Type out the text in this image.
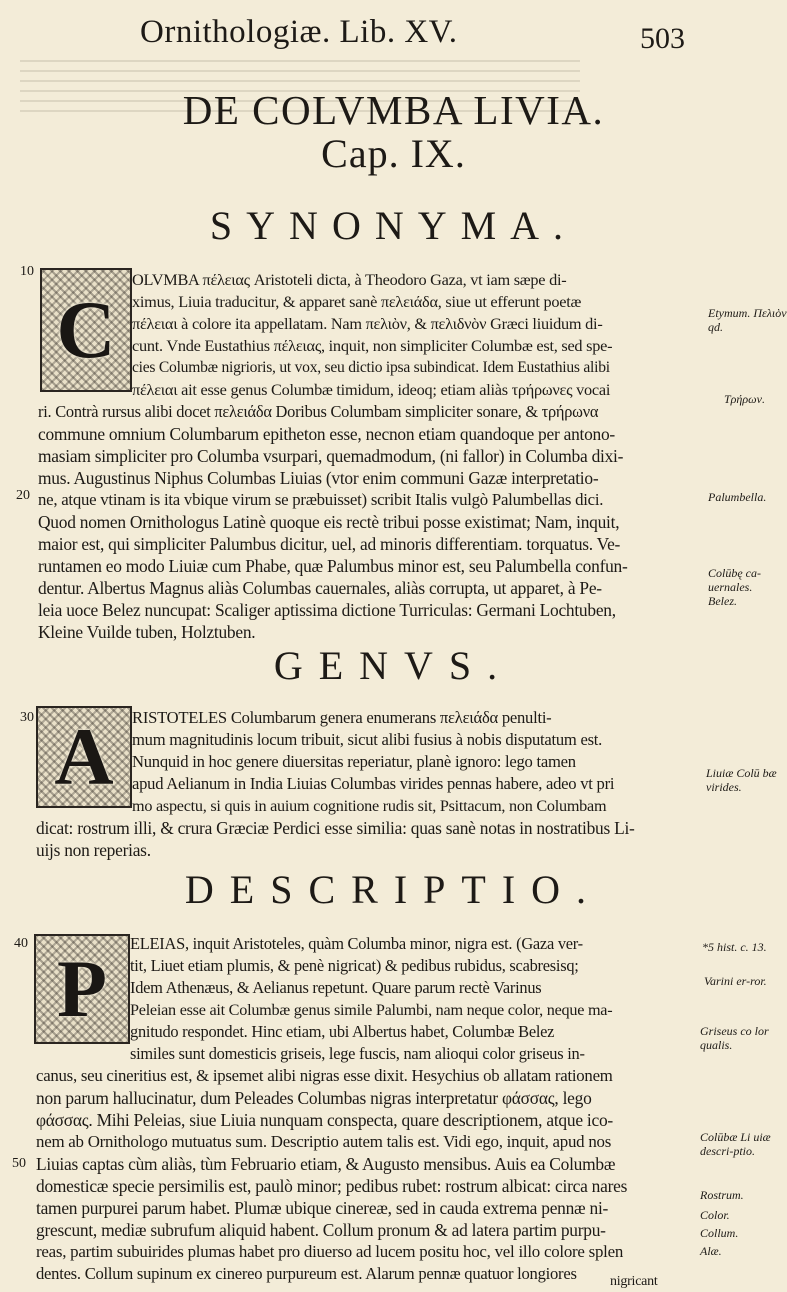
Ornithologiæ. Lib. XV.	503
DE COLVMBA LIVIA.
Cap. IX.
SYNONYMA.
10
C
OLVMBA πέλειας Aristoteli dicta, à Theodoro Gaza, vt iam sæpe di-
ximus, Liuia traducitur, & apparet sanè πελειάδα, siue ut efferunt poetæ
πέλειαι à colore ita appellatam. Nam πελιὸν, & πελιδνὸν Græci liuidum di-
cunt. Vnde Eustathius πέλειας, inquit, non simpliciter Columbæ est, sed spe-
cies Columbæ nigrioris, ut vox, seu dictio ipsa subindicat. Idem Eustathius alibi
πέλειαι ait esse genus Columbæ timidum, ideoq; etiam aliàs τρήρωνες vocai
ri. Contrà rursus alibi docet πελειάδα Doribus Columbam simpliciter sonare, & τρήρωνα
commune omnium Columbarum epitheton esse, necnon etiam quandoque per antono-
masiam simpliciter pro Columba vsurpari, quemadmodum, (ni fallor) in Columba dixi-
mus. Augustinus Niphus Columbas Liuias (vtor enim communi Gazæ interpretatio-
ne, atque vtinam is ita vbique virum se præbuisset) scribit Italis vulgò Palumbellas dici.
Quod nomen Ornithologus Latinè quoque eis rectè tribui posse existimat; Nam, inquit,
maior est, qui simpliciter Palumbus dicitur, uel, ad minoris differentiam. torquatus. Ve-
runtamen eo modo Liuiæ cum Phabe, quæ Palumbus minor est, seu Palumbella confun-
dentur. Albertus Magnus aliàs Columbas cauernales, aliàs corrupta, ut apparet, à Pe-
leia uoce Belez nuncupat: Scaliger aptissima dictione Turriculas: Germani Lochtuben,
Kleine Vuilde tuben, Holztuben.
20
Etymum. Πελιὸν qd.
Τρήρων.
Palumbella.
Colūbę ca-uernales. Belez.
GENVS.
30 A RISTOTELES Columbarum genera enumerans πελειάδα penulti-
mum magnitudinis locum tribuit, sicut alibi fusius à nobis disputatum est.
Nunquid in hoc genere diuersitas reperiatur, planè ignoro: lego tamen
apud Aelianum in India Liuias Columbas virides pennas habere, adeo vt pri
mo aspectu, si quis in auium cognitione rudis sit, Psittacum, non Columbam
dicat: rostrum illi, & crura Græciæ Perdici esse similia: quas sanè notas in nostratibus Li-
uijs non reperias.
Liuiæ Colū bæ virides.
DESCRIPTIO.
40 P ELEIAS, inquit Aristoteles, quàm Columba minor, nigra est. (Gaza ver-
tit, Liuet etiam plumis, & penè nigricat) & pedibus rubidus, scabresisq;
Idem Athenæus, & Aelianus repetunt. Quare parum rectè Varinus
Peleian esse ait Columbæ genus simile Palumbi, nam neque color, neque ma-
gnitudo respondet. Hinc etiam, ubi Albertus habet, Columbæ Belez
similes sunt domesticis griseis, lege fuscis, nam alioqui color griseus in-
canus, seu cineritius est, & ipsemet alibi nigras esse dixit. Hesychius ob allatam rationem
non parum hallucinatur, dum Peleades Columbas nigras interpretatur φάσσας, lego
φάσσας. Mihi Peleias, siue Liuia nunquam conspecta, quare descriptionem, atque ico-
nem ab Ornithologo mutuatus sum. Descriptio autem talis est. Vidi ego, inquit, apud nos
Liuias captas cùm aliàs, tùm Februario etiam, & Augusto mensibus. Auis ea Columbæ
domesticæ specie persimilis est, paulò minor; pedibus rubet: rostrum albicat: circa nares
tamen purpurei parum habet. Plumæ ubique cinereæ, sed in cauda extrema pennæ ni-
grescunt, mediæ subrufum aliquid habent. Collum pronum & ad latera partim purpu-
reas, partim subuirides plumas habet pro diuerso ad lucem positu hoc, vel illo colore splen
dentes. Collum supinum ex cinereo purpureum est. Alarum pennæ quatuor longiores nigricant
50
*5 hist. c. 13.
Varini er-ror.
Griseus co lor qualis.
Colūbæ Li uiæ descri-ptio.
Rostrum.
Color.
Collum.
Alæ.
